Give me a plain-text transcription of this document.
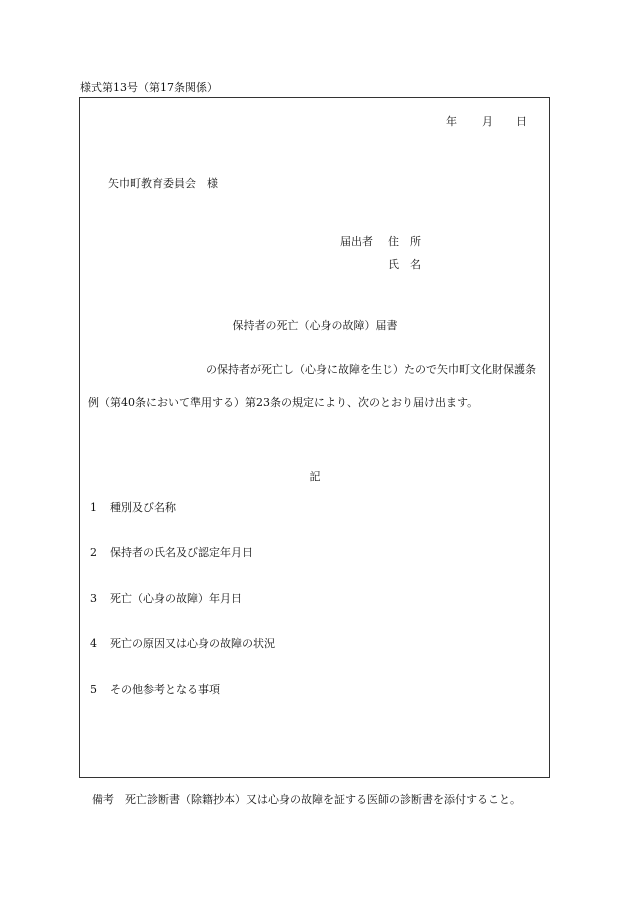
様式第13号（第17条関係）
年 月 日
矢巾町教育委員会　様
届出者 住　所
氏　名
保持者の死亡（心身の故障）届書
の保持者が死亡し（心身に故障を生じ）たので矢巾町文化財保護条
例（第40条において準用する）第23条の規定により、次のとおり届け出ます。
記
1 種別及び名称
2 保持者の氏名及び認定年月日
3 死亡（心身の故障）年月日
4 死亡の原因又は心身の故障の状況
5 その他参考となる事項
備考　死亡診断書（除籍抄本）又は心身の故障を証する医師の診断書を添付すること。
